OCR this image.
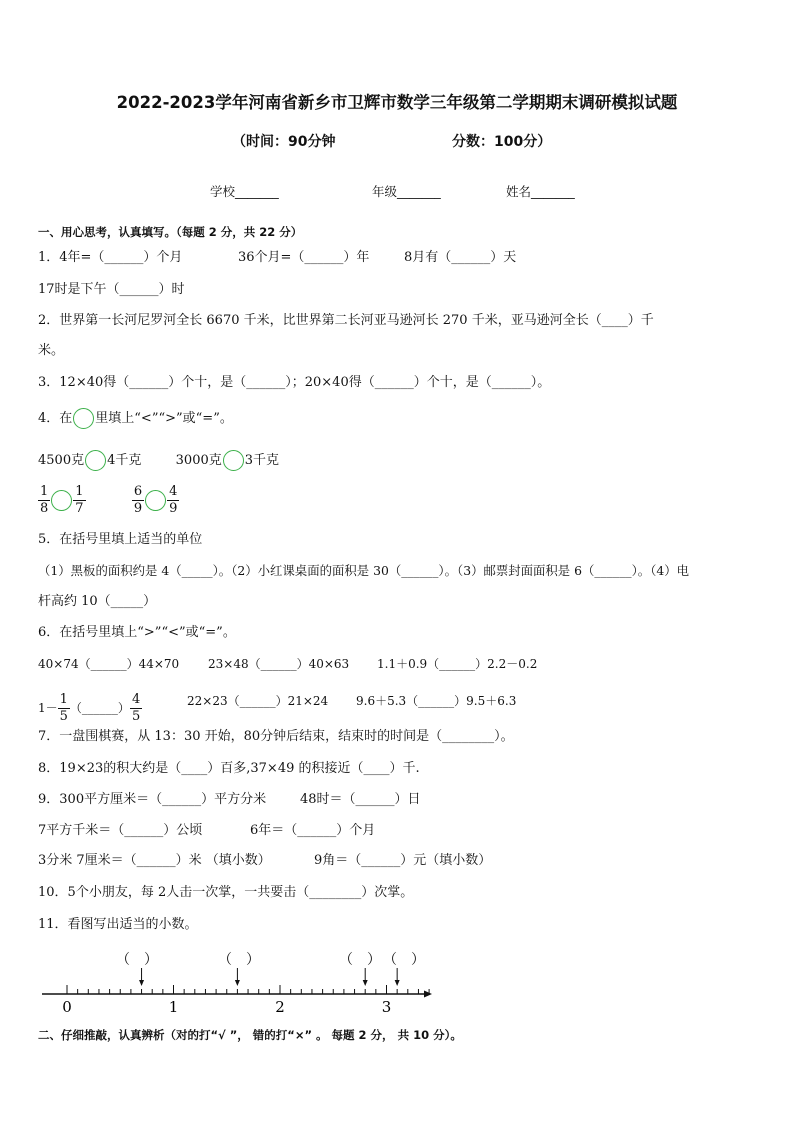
2022-2023学年河南省新乡市卫辉市数学三年级第二学期期末调研模拟试题
（时间：90分钟	分数：100分）
学校_______	年级_______	姓名_______
一、用心思考，认真填写。（每题 2 分，共 22 分）
1．4年=（______）个月	36个月=（______）年	8月有（______）天
17时是下午（______）时
2．世界第一长河尼罗河全长 6670 千米，比世界第二长河亚马逊河长 270 千米，亚马逊河全长（____）千
米。
3．12×40得（______）个十，是（______）；20×40得（______）个十，是（______）。
4．在 里填上“<”“>”或“=”。
4500克 4千克	3000克 3千克
$\frac{1}{8} \frac{1}{7}$
	$\frac{6}{9} \frac{4}{9}$
5．在括号里填上适当的单位
（1）黑板的面积约是 4（_____）。（2）小红课桌面的面积是 30（______）。（3）邮票封面面积是 6（______）。（4）电
杆高约 10（_____）
6．在括号里填上“>”“<”或“=”。
40×74（______）44×70 23×48（______）40×63 1.1＋0.9（______）2.2－0.2
$1- \frac{1}{5}$ （______） $\frac{4}{5}$	22×23（______）21×24 9.6＋5.3（______）9.5＋6.3
7．一盘围棋赛，从 13：30 开始，80分钟后结束，结束时的时间是（________）。
8．19×23的积大约是（____）百多,37×49 的积接近（____）千.
9．300平方厘米＝（______）平方分米	48时＝（______）日
7平方千米＝（______）公顷	6年＝（______）个月
3分米 7厘米＝（______）米 （填小数）	9角＝（______）元（填小数）
10．5个小朋友，每 2人击一次掌，一共要击（________）次掌。
11．看图写出适当的小数。
（　）	（　）	（　） （　）
0	1	2	3
二、仔细推敲，认真辨析（对的打“√ ”， 错的打“×” 。 每题 2 分， 共 10 分）。
